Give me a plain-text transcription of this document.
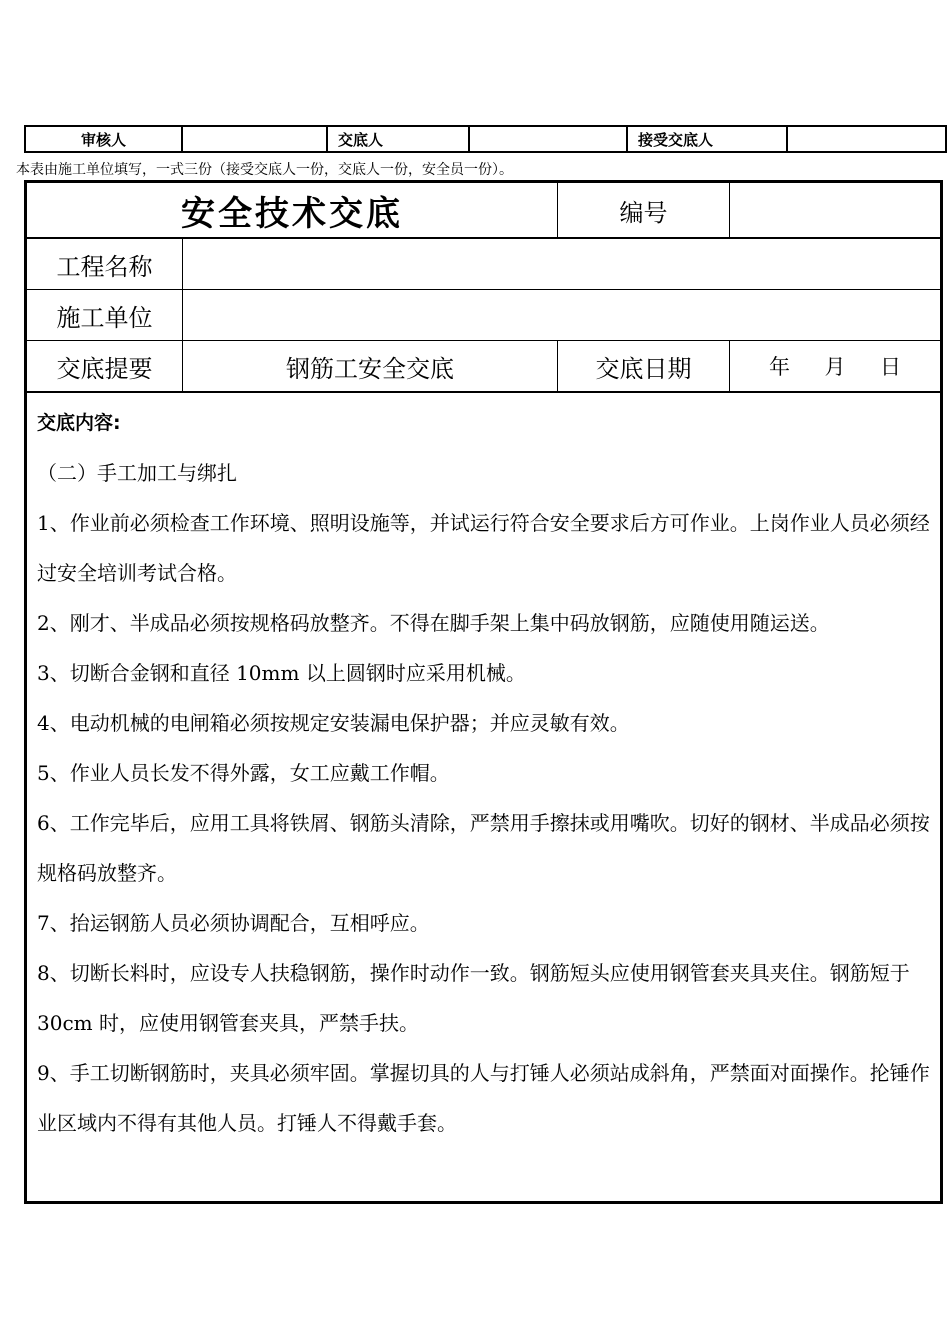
审核人		交底人		接受交底人	
本表由施工单位填写，一式三份（接受交底人一份，交底人一份，安全员一份）。
安全技术交底	编号
工程名称
施工单位
交底提要	钢筋工安全交底	交底日期	年 月 日
交底内容:

（二）手工加工与绑扎

1、作业前必须检查工作环境、照明设施等，并试运行符合安全要求后方可作业。上岗作业人员必须经过安全培训考试合格。

2、刚才、半成品必须按规格码放整齐。不得在脚手架上集中码放钢筋，应随使用随运送。

3、切断合金钢和直径 10mm 以上圆钢时应采用机械。

4、电动机械的电闸箱必须按规定安装漏电保护器；并应灵敏有效。

5、作业人员长发不得外露，女工应戴工作帽。

6、工作完毕后，应用工具将铁屑、钢筋头清除，严禁用手擦抹或用嘴吹。切好的钢材、半成品必须按规格码放整齐。

7、抬运钢筋人员必须协调配合，互相呼应。

8、切断长料时，应设专人扶稳钢筋，操作时动作一致。钢筋短头应使用钢管套夹具夹住。钢筋短于 30cm 时，应使用钢管套夹具，严禁手扶。

9、手工切断钢筋时，夹具必须牢固。掌握切具的人与打锤人必须站成斜角，严禁面对面操作。抡锤作业区域内不得有其他人员。打锤人不得戴手套。
